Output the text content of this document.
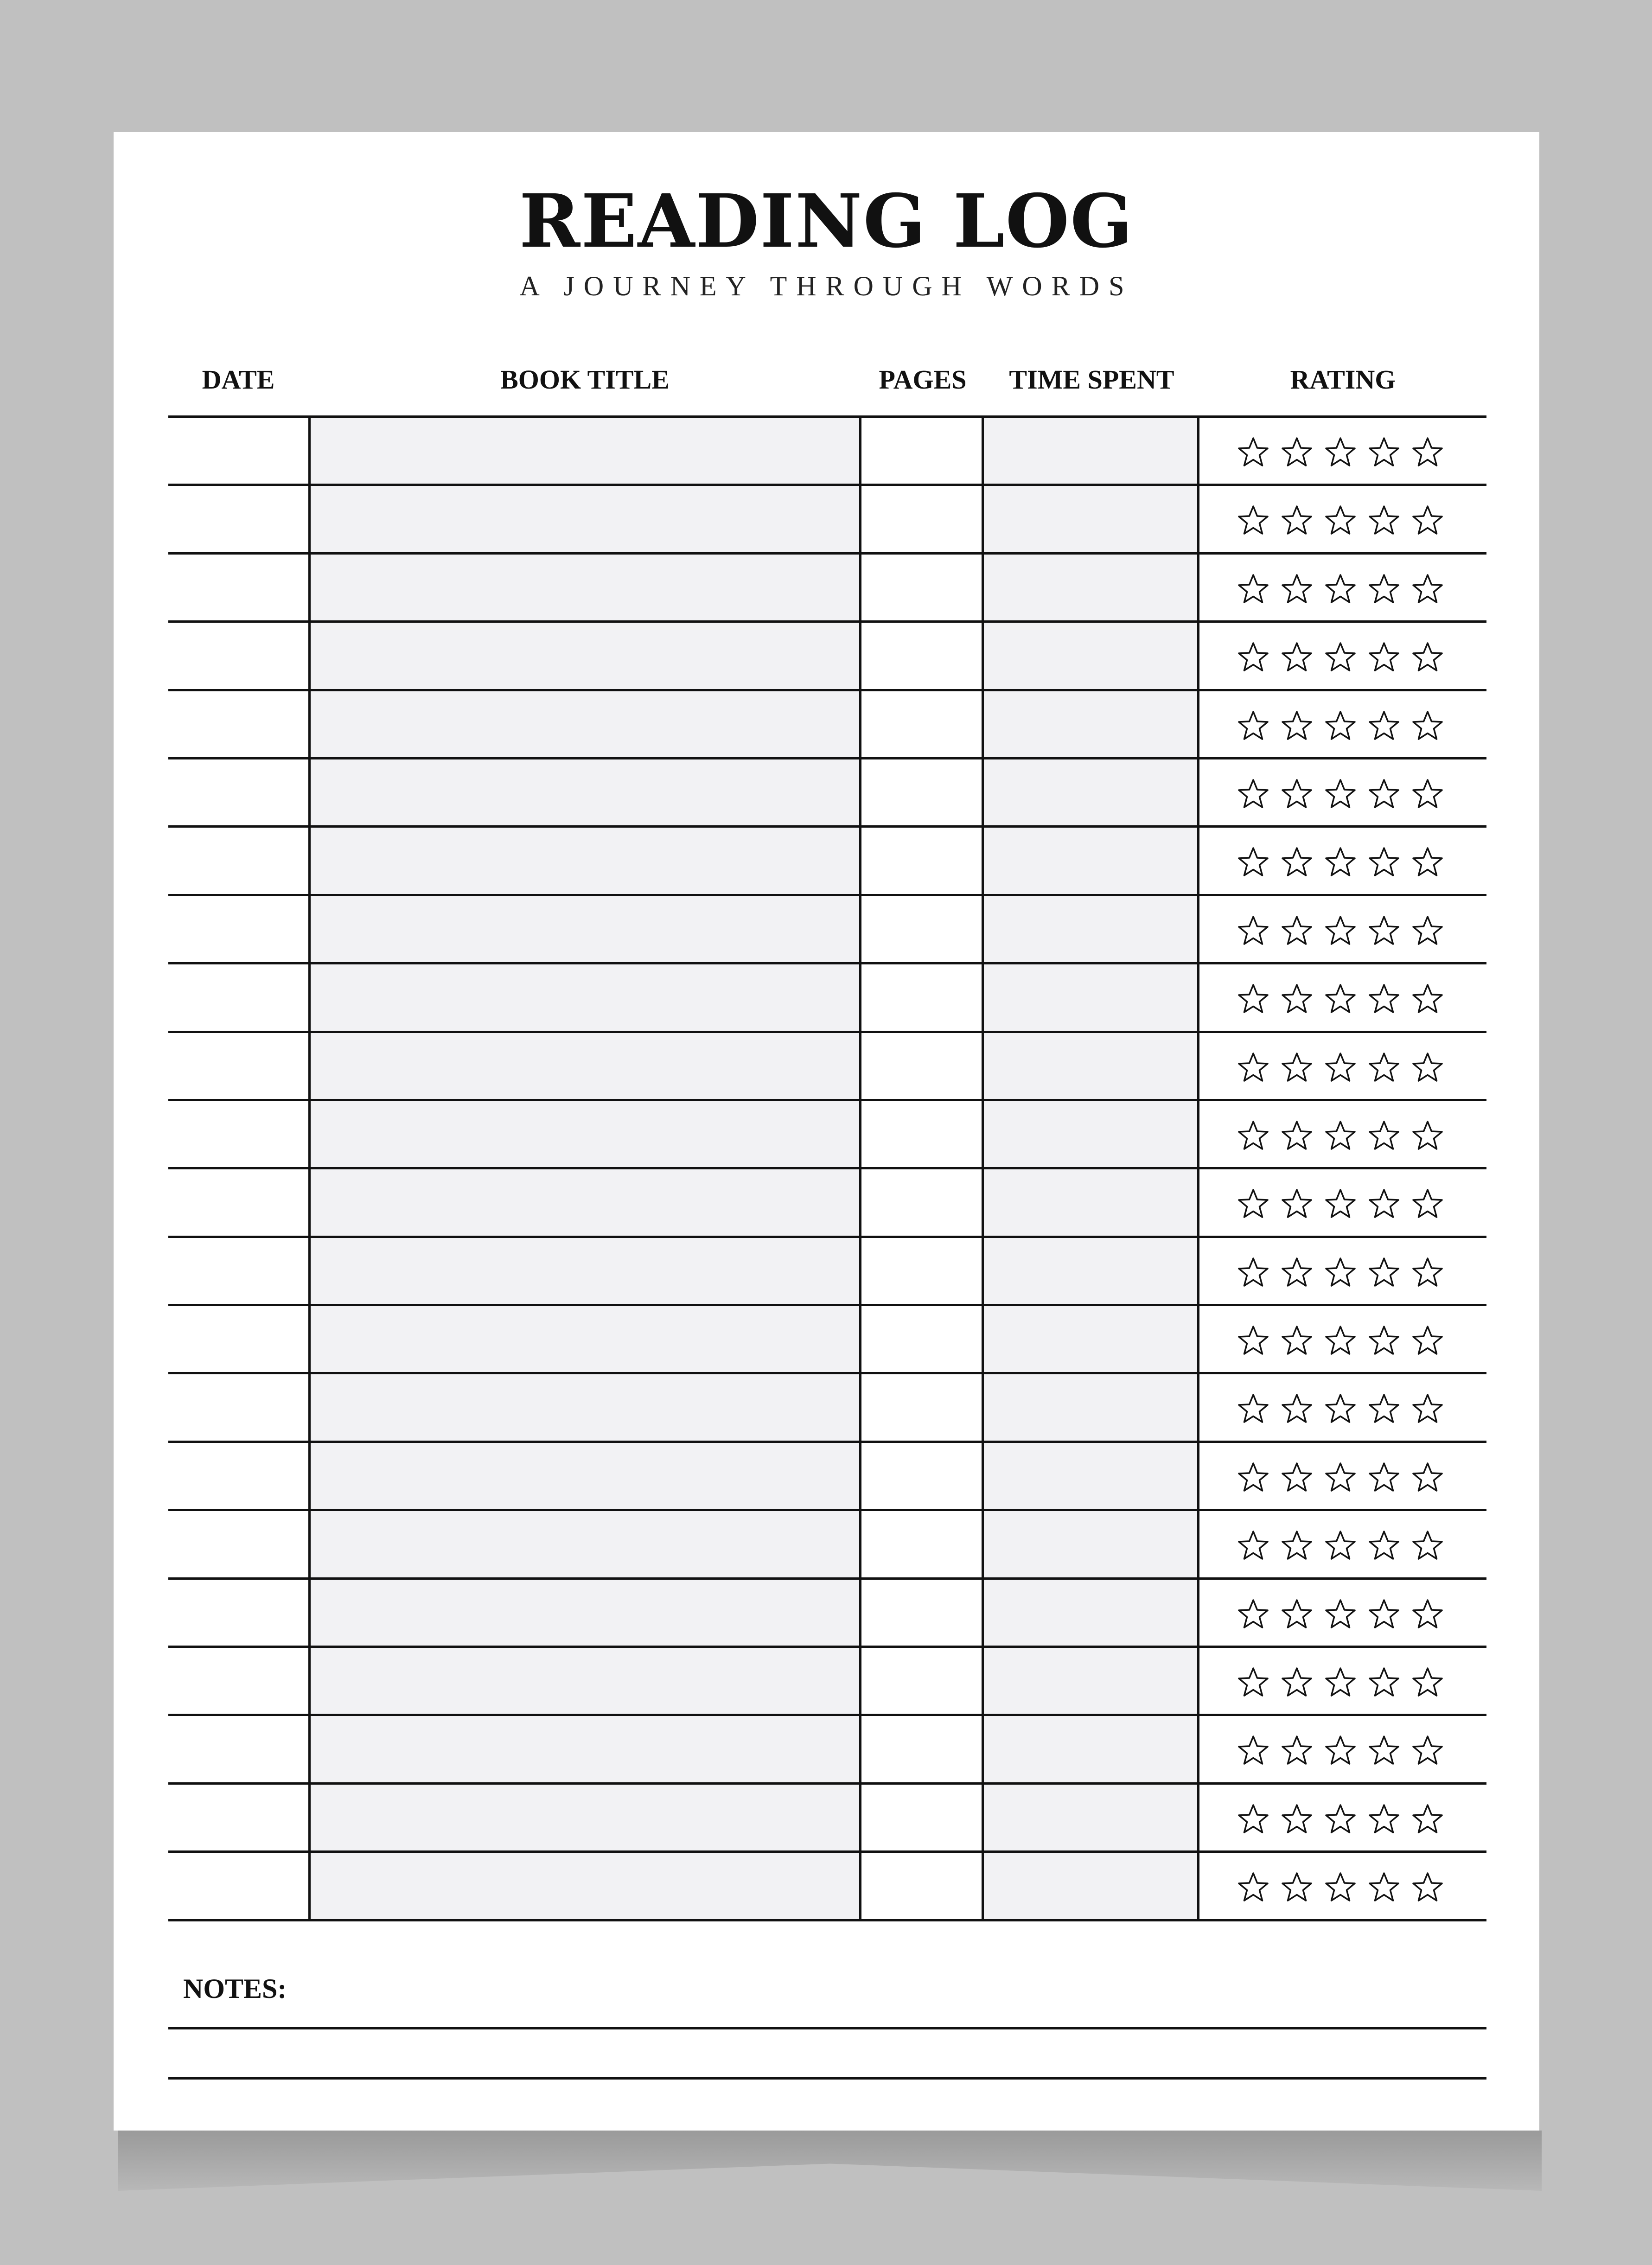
READING LOG
A JOURNEY THROUGH WORDS
DATE	BOOK TITLE	PAGES	TIME SPENT	RATING
NOTES:
